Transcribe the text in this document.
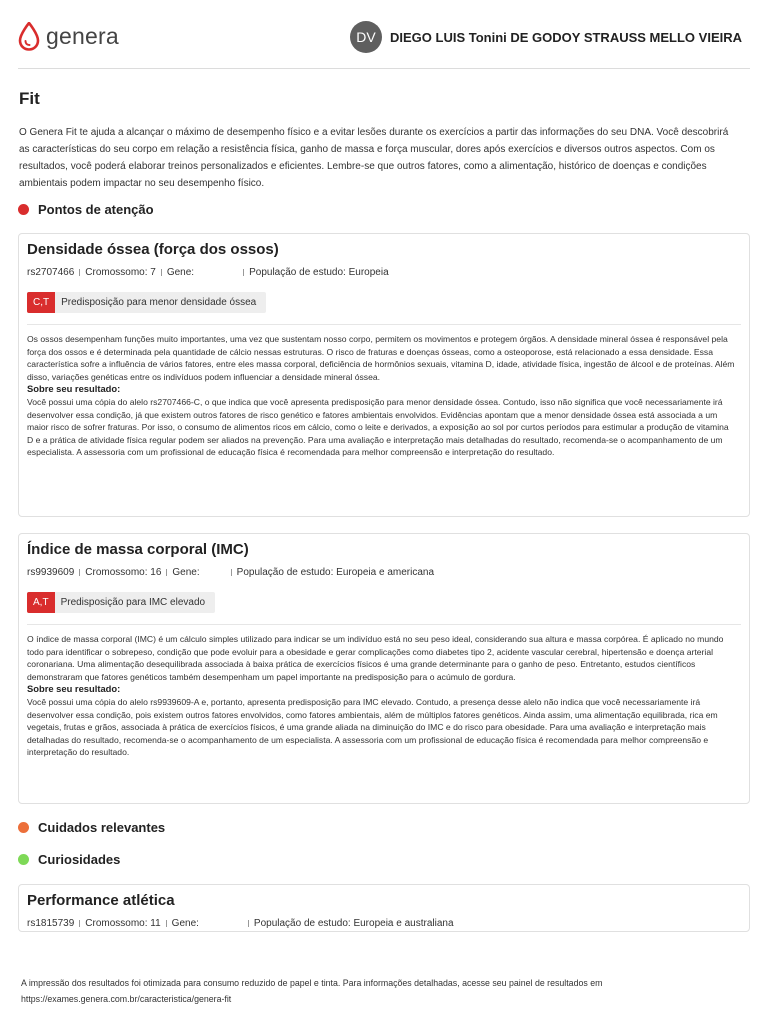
genera	DV	DIEGO LUIS Tonini DE GODOY STRAUSS MELLO VIEIRA
Fit
O Genera Fit te ajuda a alcançar o máximo de desempenho físico e a evitar lesões durante os exercícios a partir das informações do seu DNA. Você descobrirá as características do seu corpo em relação a resistência física, ganho de massa e força muscular, dores após exercícios e diversos outros aspectos. Com os resultados, você poderá elaborar treinos personalizados e eficientes. Lembre-se que outros fatores, como a alimentação, histórico de doenças e condições ambientais podem impactar no seu desempenho físico.
Pontos de atenção
Densidade óssea (força dos ossos)
rs2707466 Cromossomo: 7 Gene:	População de estudo: Europeia
C,T	Predisposição para menor densidade óssea

Os ossos desempenham funções muito importantes, uma vez que sustentam nosso corpo, permitem os movimentos e protegem órgãos. A densidade mineral óssea é responsável pela força dos ossos e é determinada pela quantidade de cálcio nessas estruturas. O risco de fraturas e doenças ósseas, como a osteoporose, está relacionado a essa densidade. Essa característica sofre a influência de vários fatores, entre eles massa corporal, deficiência de hormônios sexuais, vitamina D, idade, atividade física, ingestão de álcool e de proteínas. Além disso, variações genéticas entre os indivíduos podem influenciar a densidade mineral óssea.

Sobre seu resultado:

Você possui uma cópia do alelo rs2707466-C, o que indica que você apresenta predisposição para menor densidade óssea. Contudo, isso não significa que você necessariamente irá desenvolver essa condição, já que existem outros fatores de risco genético e fatores ambientais envolvidos. Evidências apontam que a menor densidade óssea está associada a um maior risco de sofrer fraturas. Por isso, o consumo de alimentos ricos em cálcio, como o leite e derivados, a exposição ao sol por curtos períodos para estimular a produção de vitamina D e a prática de atividade física regular podem ser aliados na prevenção. Para uma avaliação e interpretação mais detalhadas do resultado, recomenda-se o acompanhamento de um especialista. A assessoria com um profissional de educação física é recomendada para melhor compreensão e interpretação do resultado.

Índice de massa corporal (IMC)
rs9939609 Cromossomo: 16 Gene:	População de estudo: Europeia e americana
A,T	Predisposição para IMC elevado

O índice de massa corporal (IMC) é um cálculo simples utilizado para indicar se um indivíduo está no seu peso ideal, considerando sua altura e massa corpórea. É aplicado no mundo todo para identificar o sobrepeso, condição que pode evoluir para a obesidade e gerar complicações como diabetes tipo 2, acidente vascular cerebral, hipertensão e doença arterial coronariana. Uma alimentação desequilibrada associada à baixa prática de exercícios físicos é uma grande determinante para o ganho de peso. Entretanto, estudos científicos demonstraram que fatores genéticos também desempenham um papel importante na predisposição para o acúmulo de gordura.

Sobre seu resultado:

Você possui uma cópia do alelo rs9939609-A e, portanto, apresenta predisposição para IMC elevado. Contudo, a presença desse alelo não indica que você necessariamente irá desenvolver essa condição, pois existem outros fatores envolvidos, como fatores ambientais, além de múltiplos fatores genéticos. Ainda assim, uma alimentação equilibrada, rica em vegetais, frutas e grãos, associada à prática de exercícios físicos, é uma grande aliada na diminuição do IMC e do risco para obesidade. Para uma avaliação e interpretação mais detalhadas do resultado, recomenda-se o acompanhamento de um especialista. A assessoria com um profissional de educação física é recomendada para melhor compreensão e interpretação do resultado.

Cuidados relevantes
Curiosidades
Performance atlética
rs1815739 Cromossomo: 11 Gene:	População de estudo: Europeia e australiana
A impressão dos resultados foi otimizada para consumo reduzido de papel e tinta. Para informações detalhadas, acesse seu painel de resultados em https://exames.genera.com.br/caracteristica/genera-fit
